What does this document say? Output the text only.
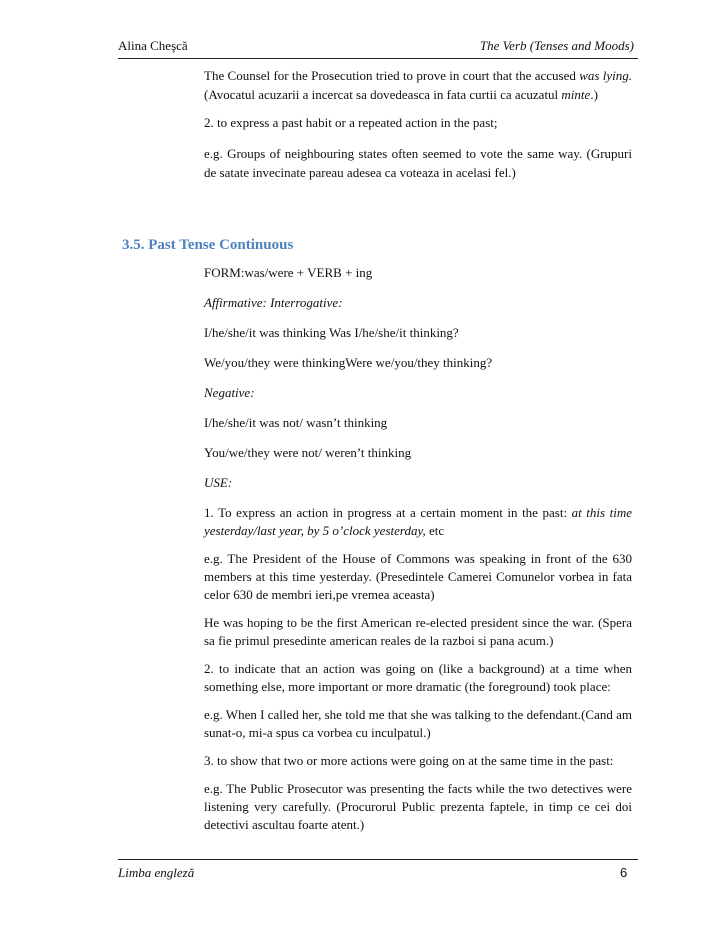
Alina Cheşcă	The Verb (Tenses and Moods)

The Counsel for the Prosecution tried to prove in court that the accused was lying. (Avocatul acuzarii a incercat sa dovedeasca in fata curtii ca acuzatul minte.)

2. to express a past habit or a repeated action in the past;

e.g. Groups of neighbouring states often seemed to vote the same way. (Grupuri de satate invecinate pareau adesea ca voteaza in acelasi fel.)

3.5. Past Tense Continuous

FORM:was/were + VERB + ing

Affirmative: Interrogative:

I/he/she/it was thinking Was I/he/she/it thinking?

We/you/they were thinkingWere we/you/they thinking?

Negative:

I/he/she/it was not/ wasn’t thinking

You/we/they were not/ weren’t thinking

USE:

1. To express an action in progress at a certain moment in the past: at this time yesterday/last year, by 5 o’clock yesterday, etc

e.g. The President of the House of Commons was speaking in front of the 630 members at this time yesterday. (Presedintele Camerei Comunelor vorbea in fata celor 630 de membri ieri,pe vremea aceasta)

He was hoping to be the first American re-elected president since the war. (Spera sa fie primul presedinte american reales de la razboi si pana acum.)

2. to indicate that an action was going on (like a background) at a time when something else, more important or more dramatic (the foreground) took place:

e.g. When I called her, she told me that she was talking to the defendant.(Cand am sunat-o, mi-a spus ca vorbea cu inculpatul.)

3. to show that two or more actions were going on at the same time in the past:

e.g. The Public Prosecutor was presenting the facts while the two detectives were listening very carefully. (Procurorul Public prezenta faptele, in timp ce cei doi detectivi ascultau foarte atent.)

Limba engleză	6
